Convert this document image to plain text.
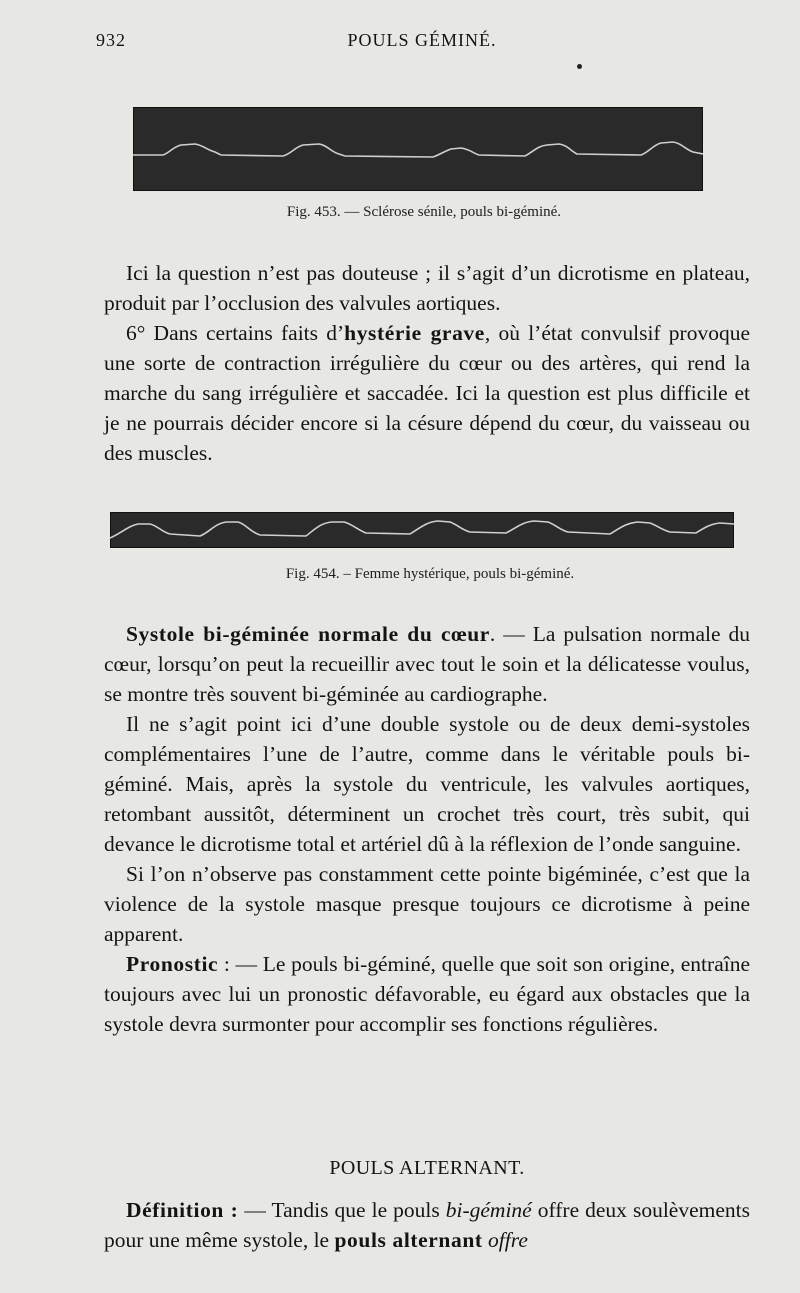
932	POULS GÉMINÉ.
Fig. 453. — Sclérose sénile, pouls bi-géminé.

Ici la question n’est pas douteuse ; il s’agit d’un dicrotisme en plateau, produit par l’occlusion des valvules aortiques.

6° Dans certains faits d’hystérie grave, où l’état convulsif provoque une sorte de contraction irrégulière du cœur ou des artères, qui rend la marche du sang irrégulière et saccadée. Ici la question est plus difficile et je ne pourrais décider encore si la césure dépend du cœur, du vaisseau ou des muscles.

Fig. 454. – Femme hystérique, pouls bi-géminé.

Systole bi-géminée normale du cœur. — La pulsation normale du cœur, lorsqu’on peut la recueillir avec tout le soin et la délicatesse voulus, se montre très souvent bi-géminée au cardiographe.

Il ne s’agit point ici d’une double systole ou de deux demi-systoles complémentaires l’une de l’autre, comme dans le véritable pouls bi-géminé. Mais, après la systole du ventricule, les valvules aortiques, retombant aussitôt, déterminent un crochet très court, très subit, qui devance le dicrotisme total et artériel dû à la réflexion de l’onde sanguine.

Si l’on n’observe pas constamment cette pointe bigéminée, c’est que la violence de la systole masque presque toujours ce dicrotisme à peine apparent.

Pronostic : — Le pouls bi-géminé, quelle que soit son origine, entraîne toujours avec lui un pronostic défavorable, eu égard aux obstacles que la systole devra surmonter pour accomplir ses fonctions régulières.

POULS ALTERNANT.

Définition : — Tandis que le pouls bi-géminé offre deux soulèvements pour une même systole, le pouls alternant offre
